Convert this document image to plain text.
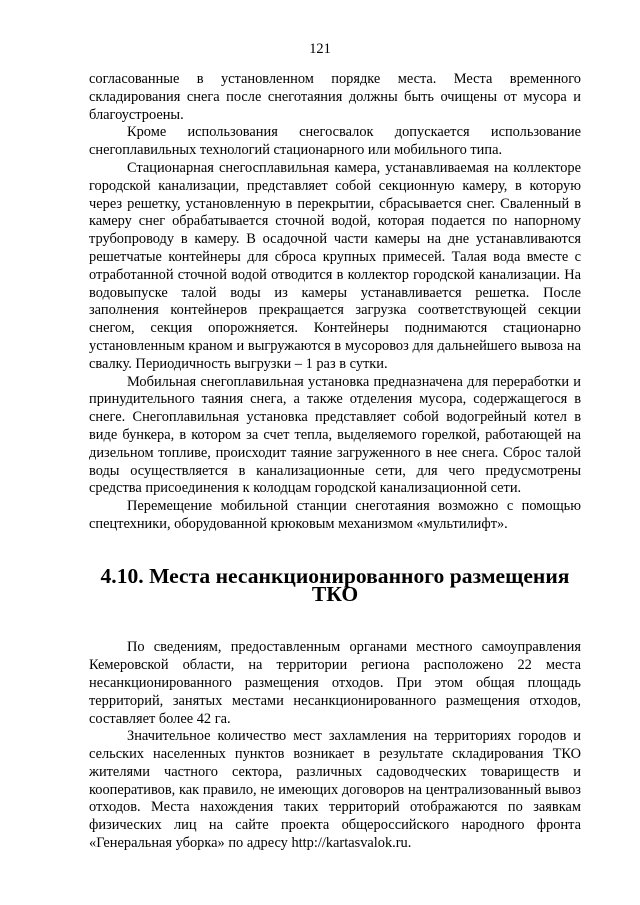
121

согласованные в установленном порядке места. Места временного складирования снега после снеготаяния должны быть очищены от мусора и благоустроены.

Кроме использования снегосвалок допускается использование снегоплавильных технологий стационарного или мобильного типа.

Стационарная снегосплавильная камера, устанавливаемая на коллекторе городской канализации, представляет собой секционную камеру, в которую через решетку, установленную в перекрытии, сбрасывается снег. Сваленный в камеру снег обрабатывается сточной водой, которая подается по напорному трубопроводу в камеру. В осадочной части камеры на дне устанавливаются решетчатые контейнеры для сброса крупных примесей. Талая вода вместе с отработанной сточной водой отводится в коллектор городской канализации. На водовыпуске талой воды из камеры устанавливается решетка. После заполнения контейнеров прекращается загрузка соответствующей секции снегом, секция опорожняется. Контейнеры поднимаются стационарно установленным краном и выгружаются в мусоровоз для дальнейшего вывоза на свалку. Периодичность выгрузки – 1 раз в сутки.

Мобильная снегоплавильная установка предназначена для переработки и принудительного таяния снега, а также отделения мусора, содержащегося в снеге. Снегоплавильная установка представляет собой водогрейный котел в виде бункера, в котором за счет тепла, выделяемого горелкой, работающей на дизельном топливе, происходит таяние загруженного в нее снега. Сброс талой воды осуществляется в канализационные сети, для чего предусмотрены средства присоединения к колодцам городской канализационной сети.

Перемещение мобильной станции снеготаяния возможно с помощью спецтехники, оборудованной крюковым механизмом «мультилифт».

4.10. Места несанкционированного размещения ТКО

По сведениям, предоставленным органами местного самоуправления Кемеровской области, на территории региона расположено 22 места несанкционированного размещения отходов. При этом общая площадь территорий, занятых местами несанкционированного размещения отходов, составляет более 42 га.

Значительное количество мест захламления на территориях городов и сельских населенных пунктов возникает в результате складирования ТКО жителями частного сектора, различных садоводческих товариществ и кооперативов, как правило, не имеющих договоров на централизованный вывоз отходов. Места нахождения таких территорий отображаются по заявкам физических лиц на сайте проекта общероссийского народного фронта «Генеральная уборка» по адресу http://kartasvalok.ru.
